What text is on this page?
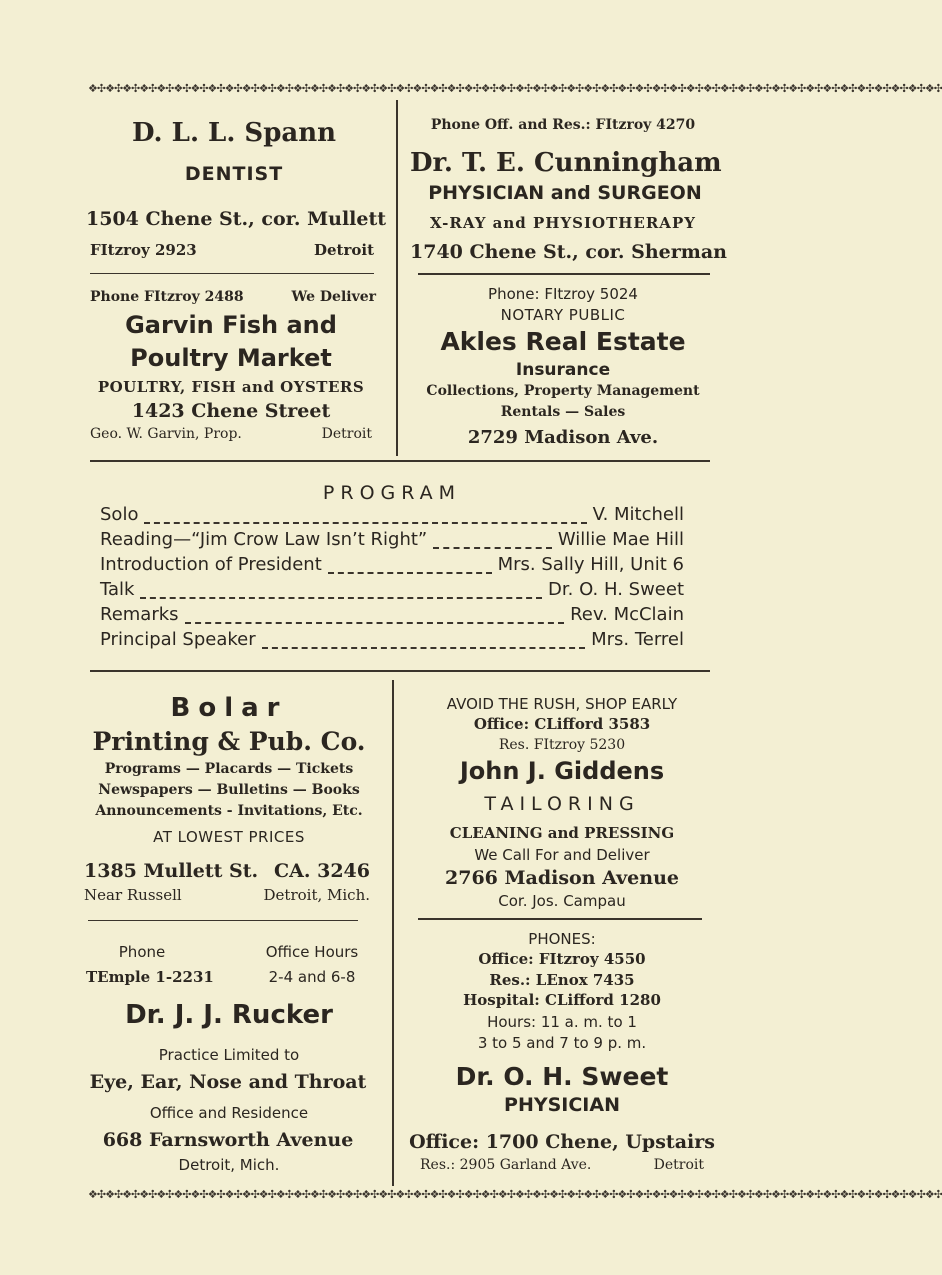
❖✣❖✣❖✣❖✣❖✣❖✣❖✣❖✣❖✣❖✣❖✣❖✣❖✣❖✣❖✣❖✣❖✣❖✣❖✣❖✣❖✣❖✣❖✣❖✣❖✣❖✣❖✣❖✣❖✣❖✣❖✣❖✣❖✣❖✣❖✣❖✣❖✣❖✣❖✣❖✣❖✣❖✣❖✣❖✣❖✣❖✣❖✣❖✣❖✣❖✣
❖✣❖✣❖✣❖✣❖✣❖✣❖✣❖✣❖✣❖✣❖✣❖✣❖✣❖✣❖✣❖✣❖✣❖✣❖✣❖✣❖✣❖✣❖✣❖✣❖✣❖✣❖✣❖✣❖✣❖✣❖✣❖✣❖✣❖✣❖✣❖✣❖✣❖✣❖✣❖✣❖✣❖✣❖✣❖✣❖✣❖✣❖✣❖✣❖✣❖✣
D. L. L. Spann
DENTIST
1504 Chene St., cor. Mullett
FItzroy 2923	Detroit
Phone Off. and Res.: FItzroy 4270
Dr. T. E. Cunningham
PHYSICIAN and SURGEON
X-RAY and PHYSIOTHERAPY
1740 Chene St., cor. Sherman
Phone FItzroy 2488	We Deliver
Garvin Fish and
Poultry Market
POULTRY, FISH and OYSTERS
1423 Chene Street
Geo. W. Garvin, Prop.	Detroit
Phone: FItzroy 5024
NOTARY PUBLIC
Akles Real Estate
Insurance
Collections, Property Management
Rentals — Sales
2729 Madison Ave.
PROGRAM
Solo	V. Mitchell
Reading—“Jim Crow Law Isn’t Right”	Willie Mae Hill
Introduction of President	Mrs. Sally Hill, Unit 6
Talk	Dr. O. H. Sweet
Remarks	Rev. McClain
Principal Speaker	Mrs. Terrel
Bolar
Printing & Pub. Co.
Programs — Placards — Tickets
Newspapers — Bulletins — Books
Announcements - Invitations, Etc.
AT LOWEST PRICES
1385 Mullett St. CA. 3246
Near Russell	Detroit, Mich.
AVOID THE RUSH, SHOP EARLY
Office: CLifford 3583
Res. FItzroy 5230
John J. Giddens
TAILORING
CLEANING and PRESSING
We Call For and Deliver
2766 Madison Avenue
Cor. Jos. Campau
Phone	Office Hours
TEmple 1-2231	2-4 and 6-8
Dr. J. J. Rucker
Practice Limited to
Eye, Ear, Nose and Throat
Office and Residence
668 Farnsworth Avenue
Detroit, Mich.
PHONES:
Office: FItzroy 4550
Res.: LEnox 7435
Hospital: CLifford 1280
Hours: 11 a. m. to 1
3 to 5 and 7 to 9 p. m.
Dr. O. H. Sweet
PHYSICIAN
Office: 1700 Chene, Upstairs
Res.: 2905 Garland Ave.	Detroit
